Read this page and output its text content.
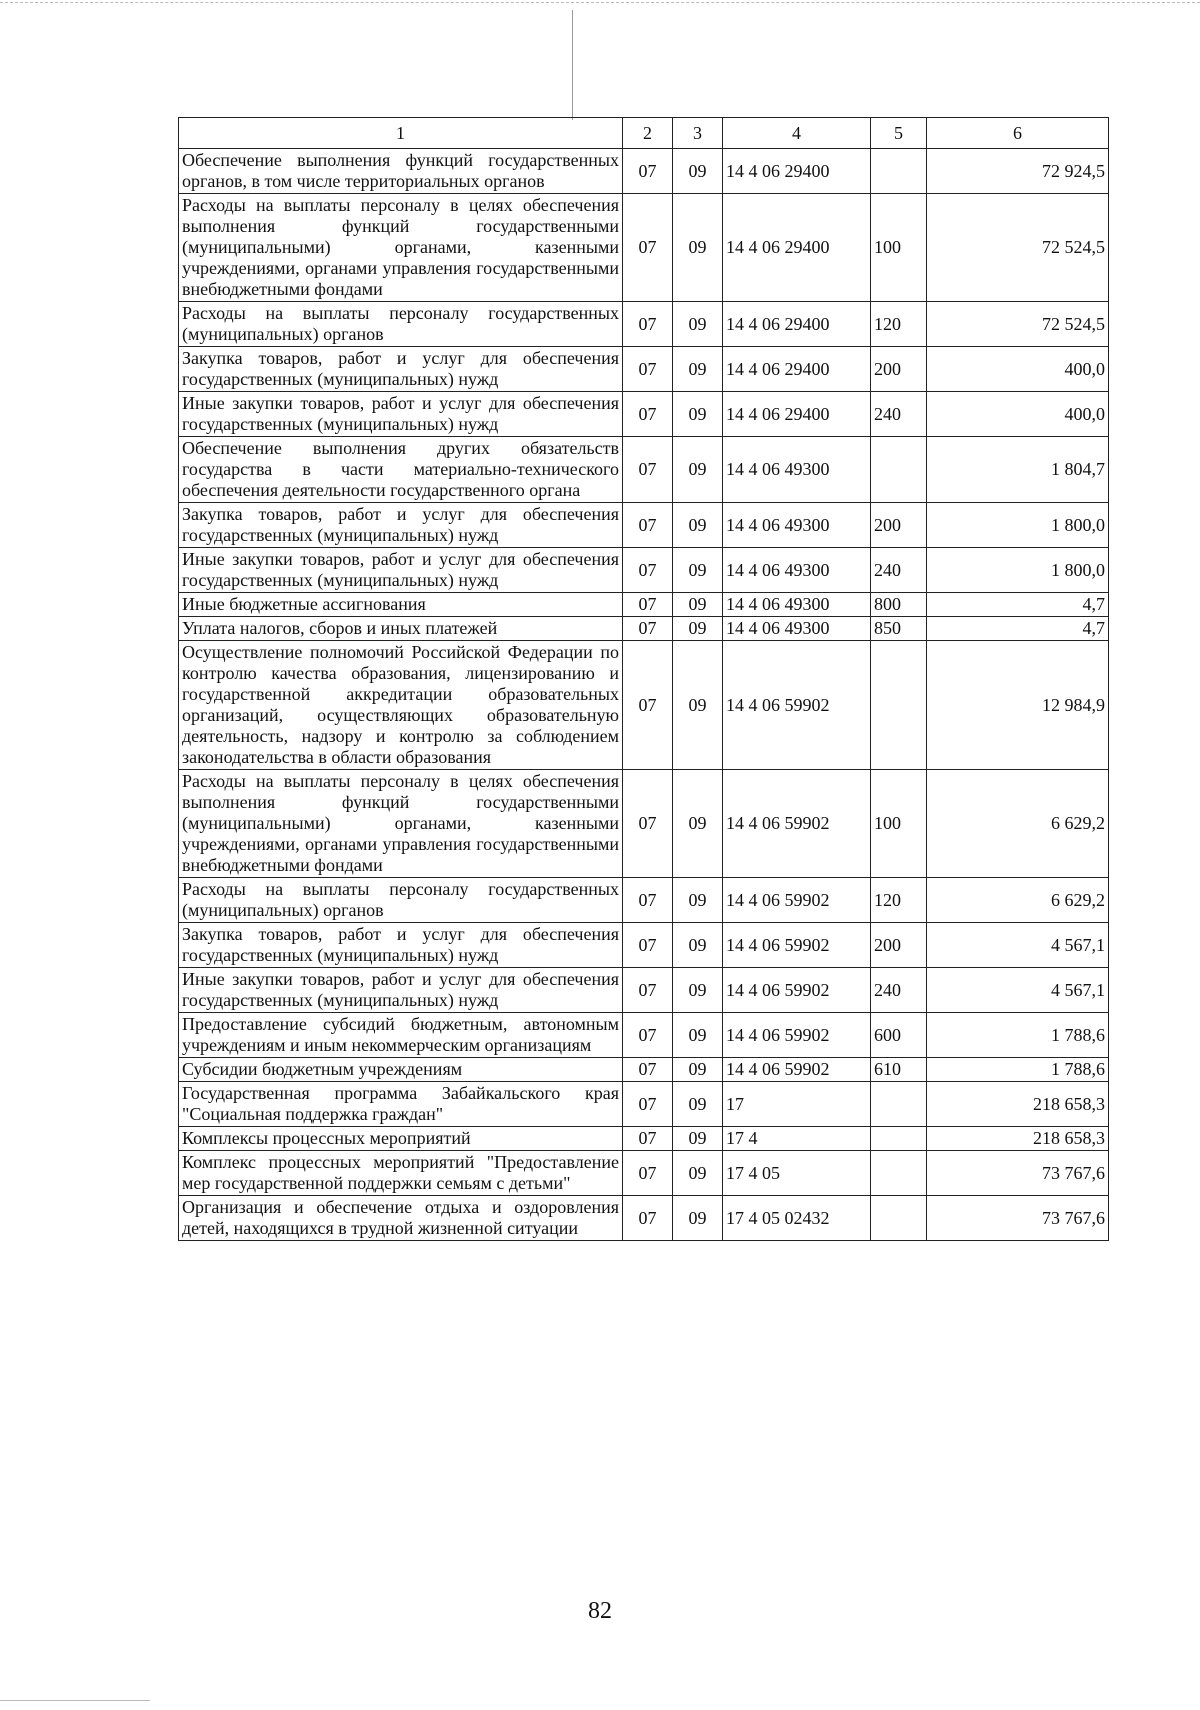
1	2	3	4	5	6
Обеспечение выполнения функций государственных органов, в том числе территориальных органов	07	09	14 4 06 29400		72 924,5
Расходы на выплаты персоналу в целях обеспечения выполнения функций государственными (муниципальными) органами, казенными учреждениями, органами управления государственными внебюджетными фондами	07	09	14 4 06 29400	100	72 524,5
Расходы на выплаты персоналу государственных (муниципальных) органов	07	09	14 4 06 29400	120	72 524,5
Закупка товаров, работ и услуг для обеспечения государственных (муниципальных) нужд	07	09	14 4 06 29400	200	400,0
Иные закупки товаров, работ и услуг для обеспечения государственных (муниципальных) нужд	07	09	14 4 06 29400	240	400,0
Обеспечение выполнения других обязательств государства в части материально-технического обеспечения деятельности государственного органа	07	09	14 4 06 49300		1 804,7
Закупка товаров, работ и услуг для обеспечения государственных (муниципальных) нужд	07	09	14 4 06 49300	200	1 800,0
Иные закупки товаров, работ и услуг для обеспечения государственных (муниципальных) нужд	07	09	14 4 06 49300	240	1 800,0
Иные бюджетные ассигнования	07	09	14 4 06 49300	800	4,7
Уплата налогов, сборов и иных платежей	07	09	14 4 06 49300	850	4,7
Осуществление полномочий Российской Федерации по контролю качества образования, лицензированию и государственной аккредитации образовательных организаций, осуществляющих образовательную деятельность, надзору и контролю за соблюдением законодательства в области образования	07	09	14 4 06 59902		12 984,9
Расходы на выплаты персоналу в целях обеспечения выполнения функций государственными (муниципальными) органами, казенными учреждениями, органами управления государственными внебюджетными фондами	07	09	14 4 06 59902	100	6 629,2
Расходы на выплаты персоналу государственных (муниципальных) органов	07	09	14 4 06 59902	120	6 629,2
Закупка товаров, работ и услуг для обеспечения государственных (муниципальных) нужд	07	09	14 4 06 59902	200	4 567,1
Иные закупки товаров, работ и услуг для обеспечения государственных (муниципальных) нужд	07	09	14 4 06 59902	240	4 567,1
Предоставление субсидий бюджетным, автономным учреждениям и иным некоммерческим организациям	07	09	14 4 06 59902	600	1 788,6
Субсидии бюджетным учреждениям	07	09	14 4 06 59902	610	1 788,6
Государственная программа Забайкальского края "Социальная поддержка граждан"	07	09	17		218 658,3
Комплексы процессных мероприятий	07	09	17 4		218 658,3
Комплекс процессных мероприятий "Предоставление мер государственной поддержки семьям с детьми"	07	09	17 4 05		73 767,6
Организация и обеспечение отдыха и оздоровления детей, находящихся в трудной жизненной ситуации	07	09	17 4 05 02432		73 767,6
82
